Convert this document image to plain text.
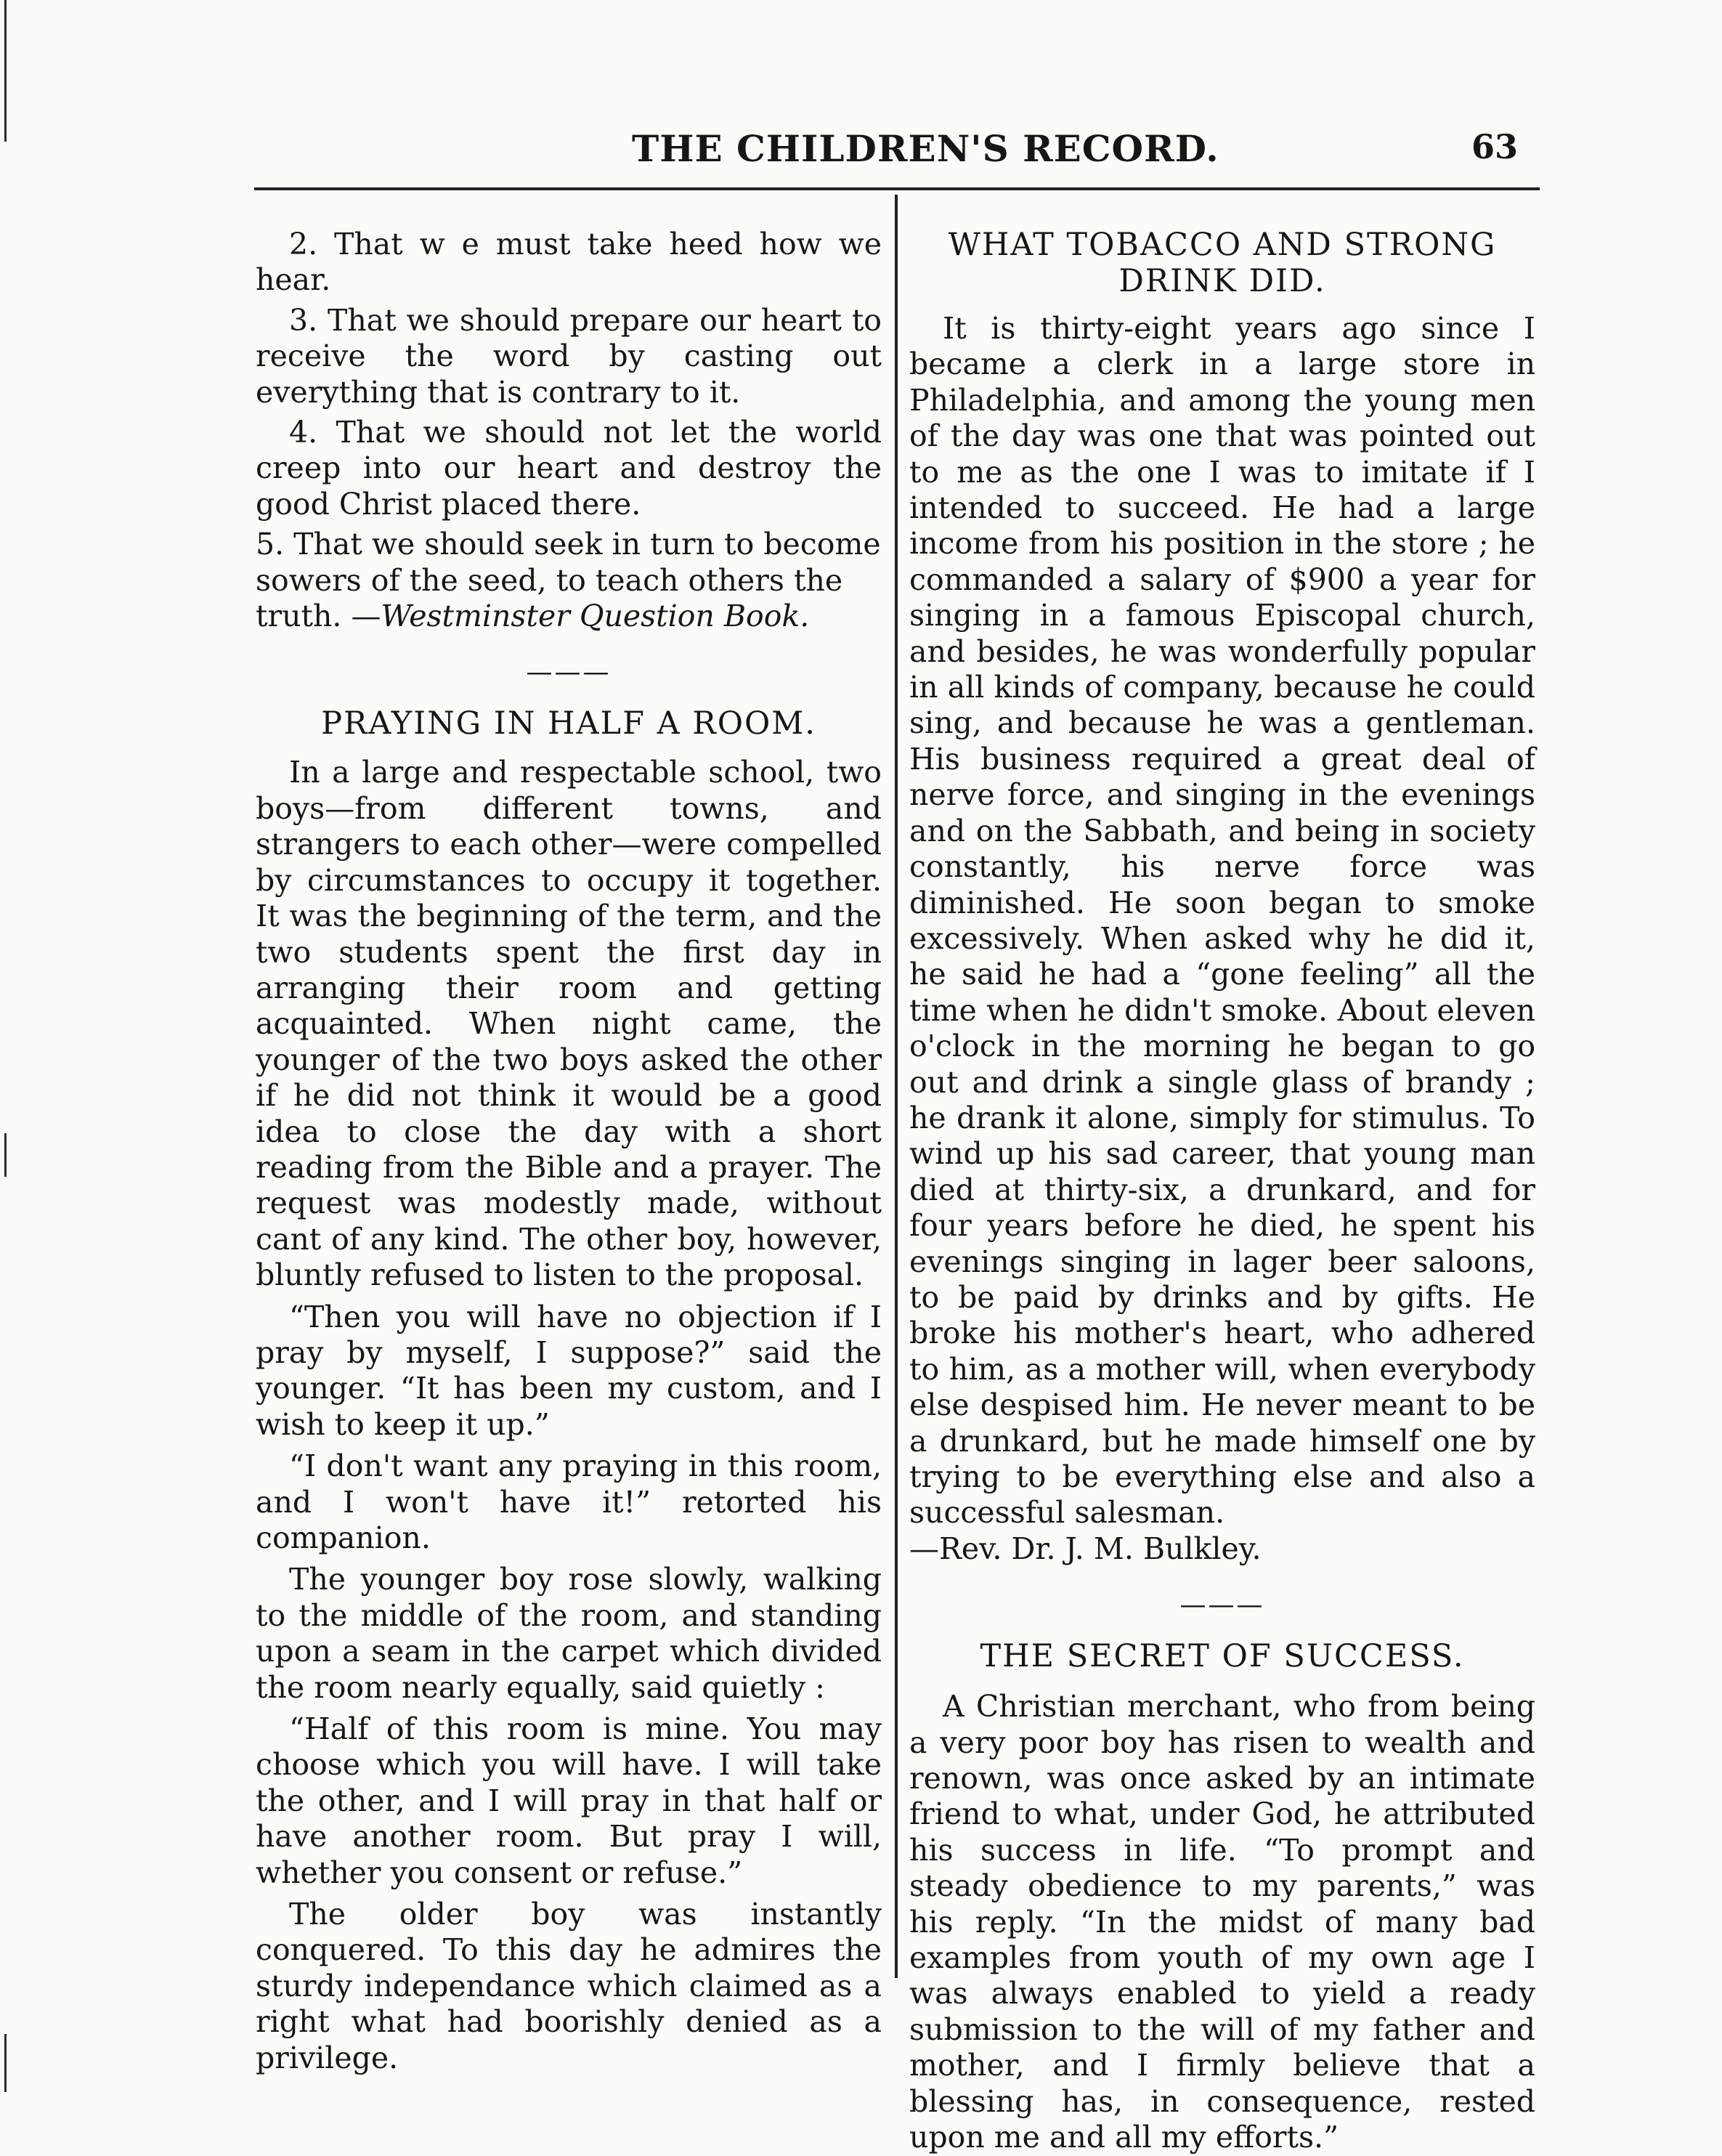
THE CHILDREN'S RECORD.	63

2. That w e must take heed how we hear.

3. That we should prepare our heart to receive the word by casting out everything that is contrary to it.

4. That we should not let the world creep into our heart and destroy the good Christ placed there.

5. That we should seek in turn to become sowers of the seed, to teach others the truth. —Westminster Question Book.

———
PRAYING IN HALF A ROOM.

In a large and respectable school, two boys—from different towns, and strangers to each other—were compelled by circumstances to occupy it together. It was the beginning of the term, and the two students spent the first day in arranging their room and getting acquainted. When night came, the younger of the two boys asked the other if he did not think it would be a good idea to close the day with a short reading from the Bible and a prayer. The request was modestly made, without cant of any kind. The other boy, however, bluntly refused to listen to the proposal.

“Then you will have no objection if I pray by myself, I suppose?” said the younger. “It has been my custom, and I wish to keep it up.”

“I don't want any praying in this room, and I won't have it!” retorted his companion.

The younger boy rose slowly, walking to the middle of the room, and standing upon a seam in the carpet which divided the room nearly equally, said quietly :

“Half of this room is mine. You may choose which you will have. I will take the other, and I will pray in that half or have another room. But pray I will, whether you consent or refuse.”

The older boy was instantly conquered. To this day he admires the sturdy independance which claimed as a right what had boorishly denied as a privilege.

WHAT TOBACCO AND STRONG DRINK DID.

It is thirty-eight years ago since I became a clerk in a large store in Philadelphia, and among the young men of the day was one that was pointed out to me as the one I was to imitate if I intended to succeed. He had a large income from his position in the store ; he commanded a salary of $900 a year for singing in a famous Episcopal church, and besides, he was wonderfully popular in all kinds of company, because he could sing, and because he was a gentleman. His business required a great deal of nerve force, and singing in the evenings and on the Sabbath, and being in society constantly, his nerve force was diminished. He soon began to smoke excessively. When asked why he did it, he said he had a “gone feeling” all the time when he didn't smoke. About eleven o'clock in the morning he began to go out and drink a single glass of brandy ; he drank it alone, simply for stimulus. To wind up his sad career, that young man died at thirty-six, a drunkard, and for four years before he died, he spent his evenings singing in lager beer saloons, to be paid by drinks and by gifts. He broke his mother's heart, who adhered to him, as a mother will, when everybody else despised him. He never meant to be a drunkard, but he made himself one by trying to be everything else and also a successful salesman.

—Rev. Dr. J. M. Bulkley.

———
THE SECRET OF SUCCESS.

A Christian merchant, who from being a very poor boy has risen to wealth and renown, was once asked by an intimate friend to what, under God, he attributed his success in life. “To prompt and steady obedience to my parents,” was his reply. “In the midst of many bad examples from youth of my own age I was always enabled to yield a ready submission to the will of my father and mother, and I firmly believe that a blessing has, in consequence, rested upon me and all my efforts.”
